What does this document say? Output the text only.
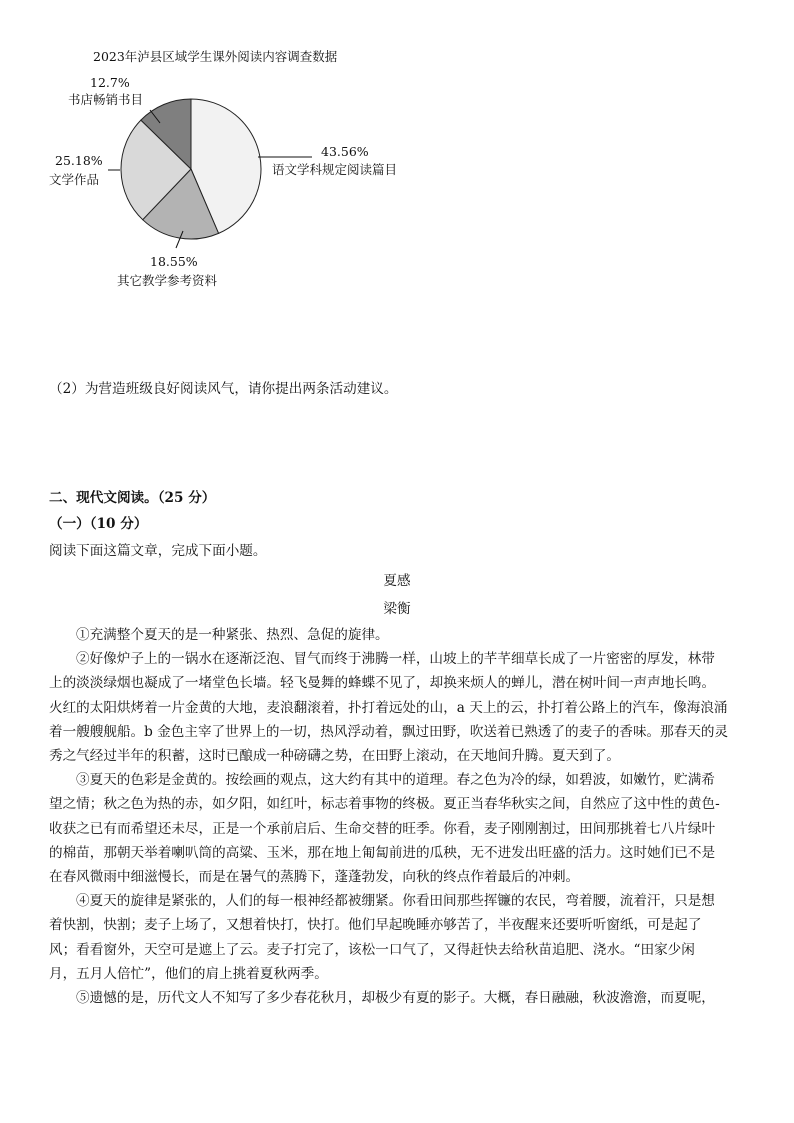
2023年泸县区域学生课外阅读内容调查数据
12.7%
书店畅销书目
43.56%
语文学科规定阅读篇目
25.18%
文学作品
18.55%
其它教学参考资料
（2）为营造班级良好阅读风气，请你提出两条活动建议。
二、现代文阅读。（25 分）
（一）（10 分）
阅读下面这篇文章，完成下面小题。
夏感
梁衡
①充满整个夏天的是一种紧张、热烈、急促的旋律。
②好像炉子上的一锅水在逐渐泛泡、冒气而终于沸腾一样，山坡上的芊芊细草长成了一片密密的厚发，林带
上的淡淡绿烟也凝成了一堵堂色长墙。轻飞曼舞的蜂蝶不见了，却换来烦人的蝉儿，潜在树叶间一声声地长鸣。
火红的太阳烘烤着一片金黄的大地，麦浪翻滚着，扑打着远处的山，a 天上的云，扑打着公路上的汽车，像海浪涌
着一艘艘舰船。b 金色主宰了世界上的一切，热风浮动着，飘过田野，吹送着已熟透了的麦子的香味。那春天的灵
秀之气经过半年的积蓄，这时已酿成一种磅礴之势，在田野上滚动，在天地间升腾。夏天到了。
③夏天的色彩是金黄的。按绘画的观点，这大约有其中的道理。春之色为冷的绿，如碧波，如嫩竹，贮满希
望之情；秋之色为热的赤，如夕阳，如红叶，标志着事物的终极。夏正当春华秋实之间，自然应了这中性的黄色-
收获之已有而希望还未尽，正是一个承前启后、生命交替的旺季。你看，麦子刚刚割过，田间那挑着七八片绿叶
的棉苗，那朝天举着喇叭筒的高粱、玉米，那在地上匍匐前进的瓜秧，无不进发出旺盛的活力。这时她们已不是
在春风微雨中细滋慢长，而是在暑气的蒸腾下，蓬蓬勃发，向秋的终点作着最后的冲刺。
④夏天的旋律是紧张的，人们的每一根神经都被绷紧。你看田间那些挥镰的农民，弯着腰，流着汗，只是想
着快割，快割；麦子上场了，又想着快打，快打。他们早起晚睡亦够苦了，半夜醒来还要听听窗纸，可是起了
风；看看窗外，天空可是遮上了云。麦子打完了，该松一口气了，又得赶快去给秋苗追肥、浇水。“田家少闲
月，五月人倍忙”，他们的肩上挑着夏秋两季。
⑤遗憾的是，历代文人不知写了多少春花秋月，却极少有夏的影子。大概，春日融融，秋波澹澹，而夏呢，
